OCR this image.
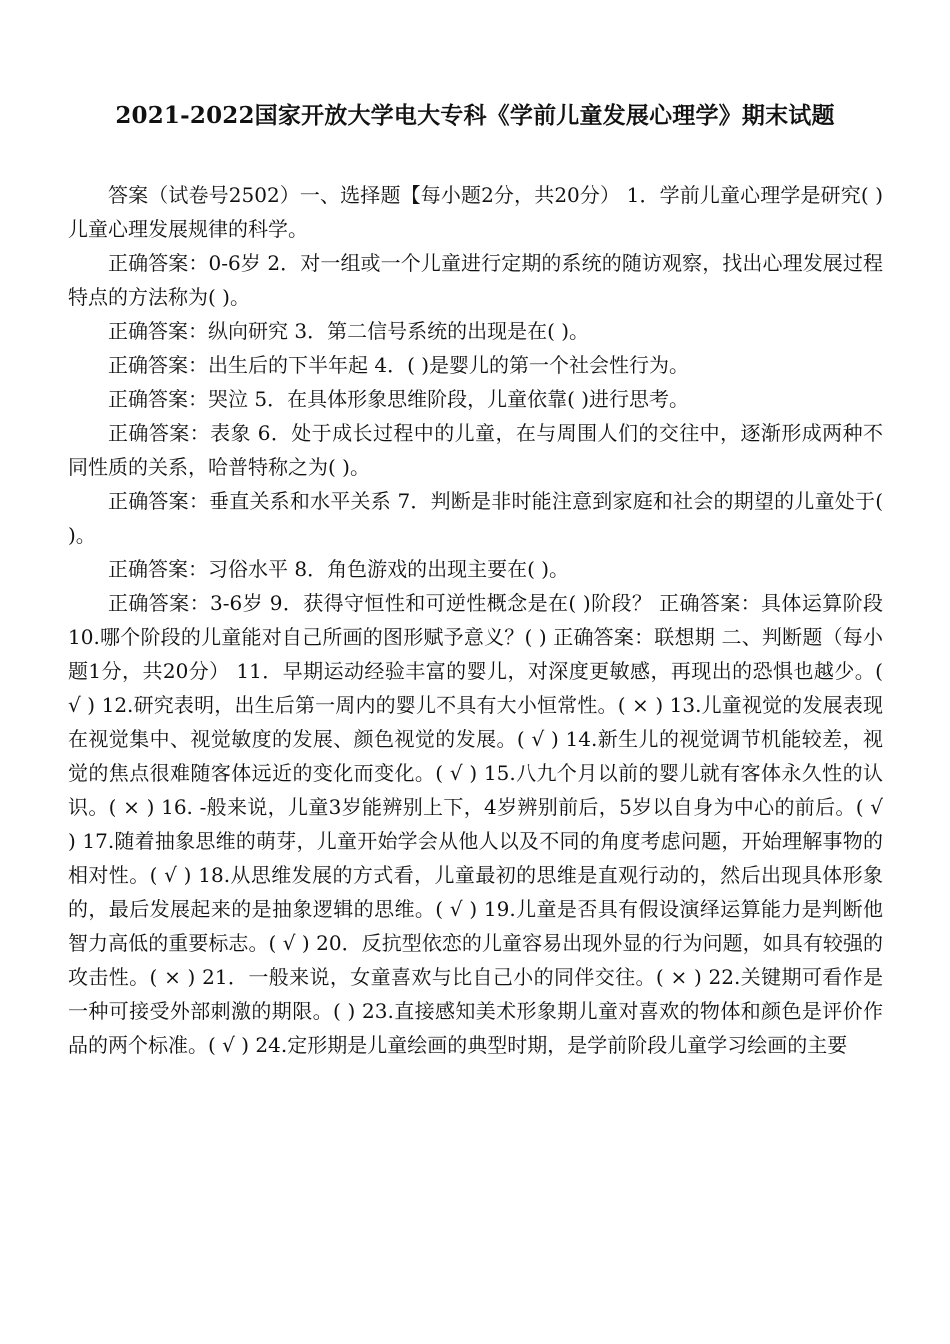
2021-2022国家开放大学电大专科《学前儿童发展心理学》期末试题

答案（试卷号2502）一、选择题【每小题2分，共20分） 1．学前儿童心理学是研究( )儿童心理发展规律的科学。

正确答案：0-6岁 2．对一组或一个儿童进行定期的系统的随访观察，找出心理发展过程特点的方法称为( )。

正确答案：纵向研究 3．第二信号系统的出现是在( )。

正确答案：出生后的下半年起 4．( )是婴儿的第一个社会性行为。

正确答案：哭泣 5．在具体形象思维阶段，儿童依靠( )进行思考。

正确答案：表象 6．处于成长过程中的儿童，在与周围人们的交往中，逐渐形成两种不同性质的关系，哈普特称之为( )。

正确答案：垂直关系和水平关系 7．判断是非时能注意到家庭和社会的期望的儿童处于( )。

正确答案：习俗水平 8．角色游戏的出现主要在( )。

正确答案：3-6岁 9．获得守恒性和可逆性概念是在( )阶段？ 正确答案：具体运算阶段 10.哪个阶段的儿童能对自己所画的图形赋予意义？( ) 正确答案：联想期 二、判断题（每小题1分，共20分） 11．早期运动经验丰富的婴儿，对深度更敏感，再现出的恐惧也越少。( √ ) 12.研究表明，出生后第一周内的婴儿不具有大小恒常性。( × ) 13.儿童视觉的发展表现在视觉集中、视觉敏度的发展、颜色视觉的发展。( √ ) 14.新生儿的视觉调节机能较差，视觉的焦点很难随客体远近的变化而变化。( √ ) 15.八九个月以前的婴儿就有客体永久性的认识。( × ) 16. -般来说，儿童3岁能辨别上下，4岁辨别前后，5岁以自身为中心的前后。( √ ) 17.随着抽象思维的萌芽，儿童开始学会从他人以及不同的角度考虑问题，开始理解事物的相对性。( √ ) 18.从思维发展的方式看，儿童最初的思维是直观行动的，然后出现具体形象的，最后发展起来的是抽象逻辑的思维。( √ ) 19.儿童是否具有假设演绎运算能力是判断他智力高低的重要标志。( √ ) 20．反抗型依恋的儿童容易出现外显的行为问题，如具有较强的攻击性。( × ) 21．一般来说，女童喜欢与比自己小的同伴交往。( × ) 22.关键期可看作是一种可接受外部刺激的期限。( ) 23.直接感知美术形象期儿童对喜欢的物体和颜色是评价作品的两个标准。( √ ) 24.定形期是儿童绘画的典型时期，是学前阶段儿童学习绘画的主要
